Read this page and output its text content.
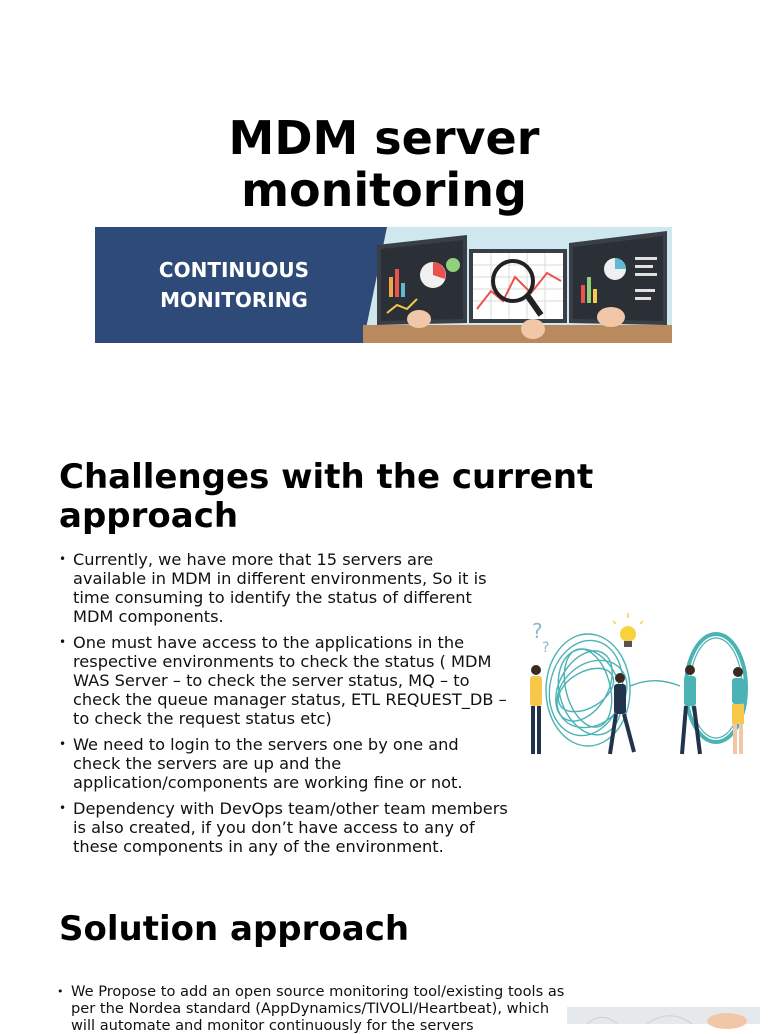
MDM server
monitoring
CONTINUOUS
MONITORING
Challenges with the current
approach
• Currently, we have more that 15 servers are available in MDM in different environments, So it is time consuming to identify the status of different MDM components.
• One must have access to the applications in the respective environments to check the status ( MDM WAS Server – to check the server status, MQ – to check the queue manager status, ETL REQUEST_DB – to check the request status etc)
• We need to login to the servers one by one and check the servers are up and the application/components are working fine or not.
• Dependency with DevOps team/other team members is also created, if you don’t have access to any of these components in any of the environment.
?
?
Solution approach
• We Propose to add an open source monitoring tool/existing tools as per the Nordea standard (AppDynamics/TIVOLI/Heartbeat), which will automate and monitor continuously for the servers
